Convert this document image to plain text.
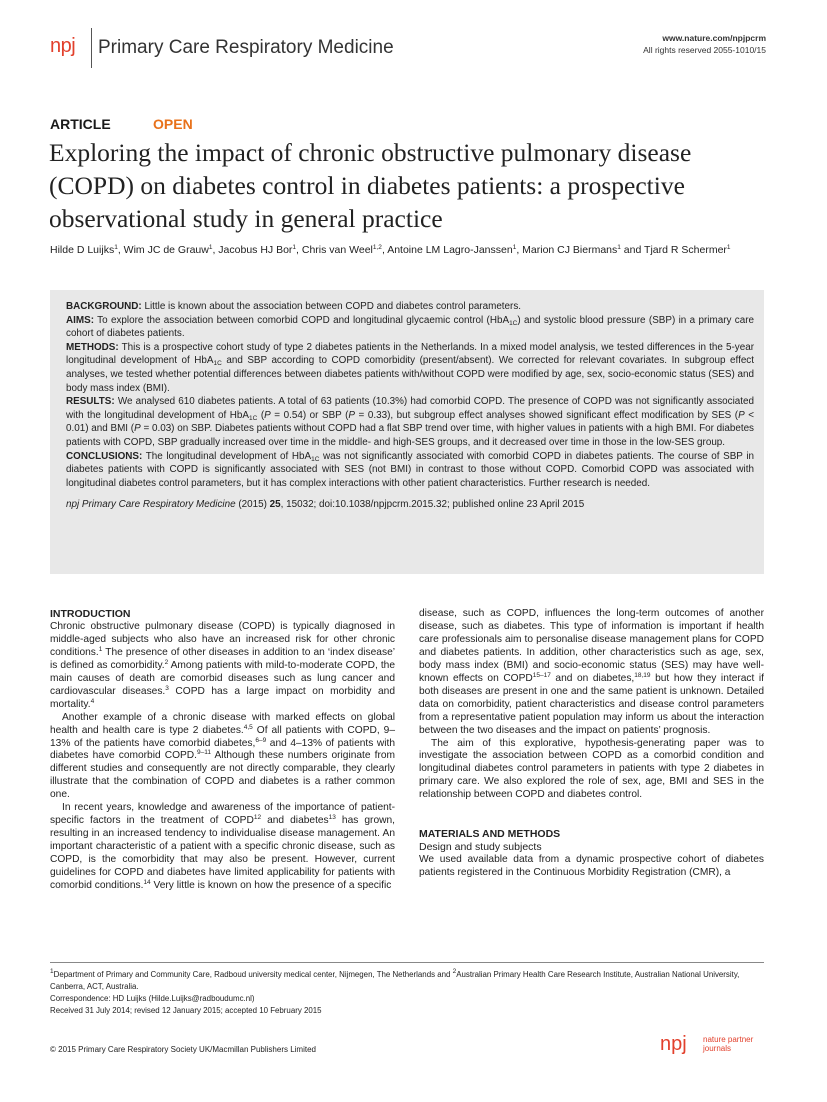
npj Primary Care Respiratory Medicine	www.nature.com/npjpcrm
All rights reserved 2055-1010/15
ARTICLE	OPEN
Exploring the impact of chronic obstructive pulmonary disease (COPD) on diabetes control in diabetes patients: a prospective observational study in general practice
Hilde D Luijks$^1$, Wim JC de Grauw$^1$, Jacobus HJ Bor$^1$, Chris van Weel$^{1,2}$, Antoine LM Lagro-Janssen$^1$, Marion CJ Biermans$^1$ and Tjard R Schermer$^1$

BACKGROUND: Little is known about the association between COPD and diabetes control parameters.

AIMS: To explore the association between comorbid COPD and longitudinal glycaemic control (HbA$_{1C}$) and systolic blood pressure (SBP) in a primary care cohort of diabetes patients.

METHODS: This is a prospective cohort study of type 2 diabetes patients in the Netherlands. In a mixed model analysis, we tested differences in the 5-year longitudinal development of HbA$_{1C}$ and SBP according to COPD comorbidity (present/absent). We corrected for relevant covariates. In subgroup effect analyses, we tested whether potential differences between diabetes patients with/without COPD were modified by age, sex, socio-economic status (SES) and body mass index (BMI).

RESULTS: We analysed 610 diabetes patients. A total of 63 patients (10.3%) had comorbid COPD. The presence of COPD was not significantly associated with the longitudinal development of HbA$_{1C}$ (P = 0.54) or SBP (P = 0.33), but subgroup effect analyses showed significant effect modification by SES (P < 0.01) and BMI (P = 0.03) on SBP. Diabetes patients without COPD had a flat SBP trend over time, with higher values in patients with a high BMI. For diabetes patients with COPD, SBP gradually increased over time in the middle- and high-SES groups, and it decreased over time in those in the low-SES group.

CONCLUSIONS: The longitudinal development of HbA$_{1C}$ was not significantly associated with comorbid COPD in diabetes patients. The course of SBP in diabetes patients with COPD is significantly associated with SES (not BMI) in contrast to those without COPD. Comorbid COPD was associated with longitudinal diabetes control parameters, but it has complex interactions with other patient characteristics. Further research is needed.

npj Primary Care Respiratory Medicine (2015) 25, 15032; doi:10.1038/npjpcrm.2015.32; published online 23 April 2015

INTRODUCTION

Chronic obstructive pulmonary disease (COPD) is typically diagnosed in middle-aged subjects who also have an increased risk for other chronic conditions.$^1$ The presence of other diseases in addition to an ‘index disease’ is defined as comorbidity.$^2$ Among patients with mild-to-moderate COPD, the main causes of death are comorbid diseases such as lung cancer and cardiovascular diseases.$^3$ COPD has a large impact on morbidity and mortality.$^4$

Another example of a chronic disease with marked effects on global health and health care is type 2 diabetes.$^{4,5}$ Of all patients with COPD, 9–13% of the patients have comorbid diabetes,$^{6-9}$ and 4–13% of patients with diabetes have comorbid COPD.$^{9-11}$ Although these numbers originate from different studies and consequently are not directly comparable, they clearly illustrate that the combination of COPD and diabetes is a rather common one.

In recent years, knowledge and awareness of the importance of patient-specific factors in the treatment of COPD$^{12}$ and diabetes$^{13}$ has grown, resulting in an increased tendency to individualise disease management. An important characteristic of a patient with a specific chronic disease, such as COPD, is the comorbidity that may also be present. However, current guidelines for COPD and diabetes have limited applicability for patients with comorbid conditions.$^{14}$ Very little is known on how the presence of a specific

disease, such as COPD, influences the long-term outcomes of another disease, such as diabetes. This type of information is important if health care professionals aim to personalise disease management plans for COPD and diabetes patients. In addition, other characteristics such as age, sex, body mass index (BMI) and socio-economic status (SES) may have well-known effects on COPD$^{15-17}$ and on diabetes,$^{18,19}$ but how they interact if both diseases are present in one and the same patient is unknown. Detailed data on comorbidity, patient characteristics and disease control parameters from a representative patient population may inform us about the interaction between the two diseases and the impact on patients’ prognosis.

The aim of this explorative, hypothesis-generating paper was to investigate the association between COPD as a comorbid condition and longitudinal diabetes control parameters in patients with type 2 diabetes in primary care. We also explored the role of sex, age, BMI and SES in the relationship between COPD and diabetes control.

MATERIALS AND METHODS

Design and study subjects

We used available data from a dynamic prospective cohort of diabetes patients registered in the Continuous Morbidity Registration (CMR), a

$^1$Department of Primary and Community Care, Radboud university medical center, Nijmegen, The Netherlands and $^2$Australian Primary Health Care Research Institute, Australian National University, Canberra, ACT, Australia.

Correspondence: HD Luijks (Hilde.Luijks@radboudumc.nl)

Received 31 July 2014; revised 12 January 2015; accepted 10 February 2015

© 2015 Primary Care Respiratory Society UK/Macmillan Publishers Limited	npj nature partner
journals
